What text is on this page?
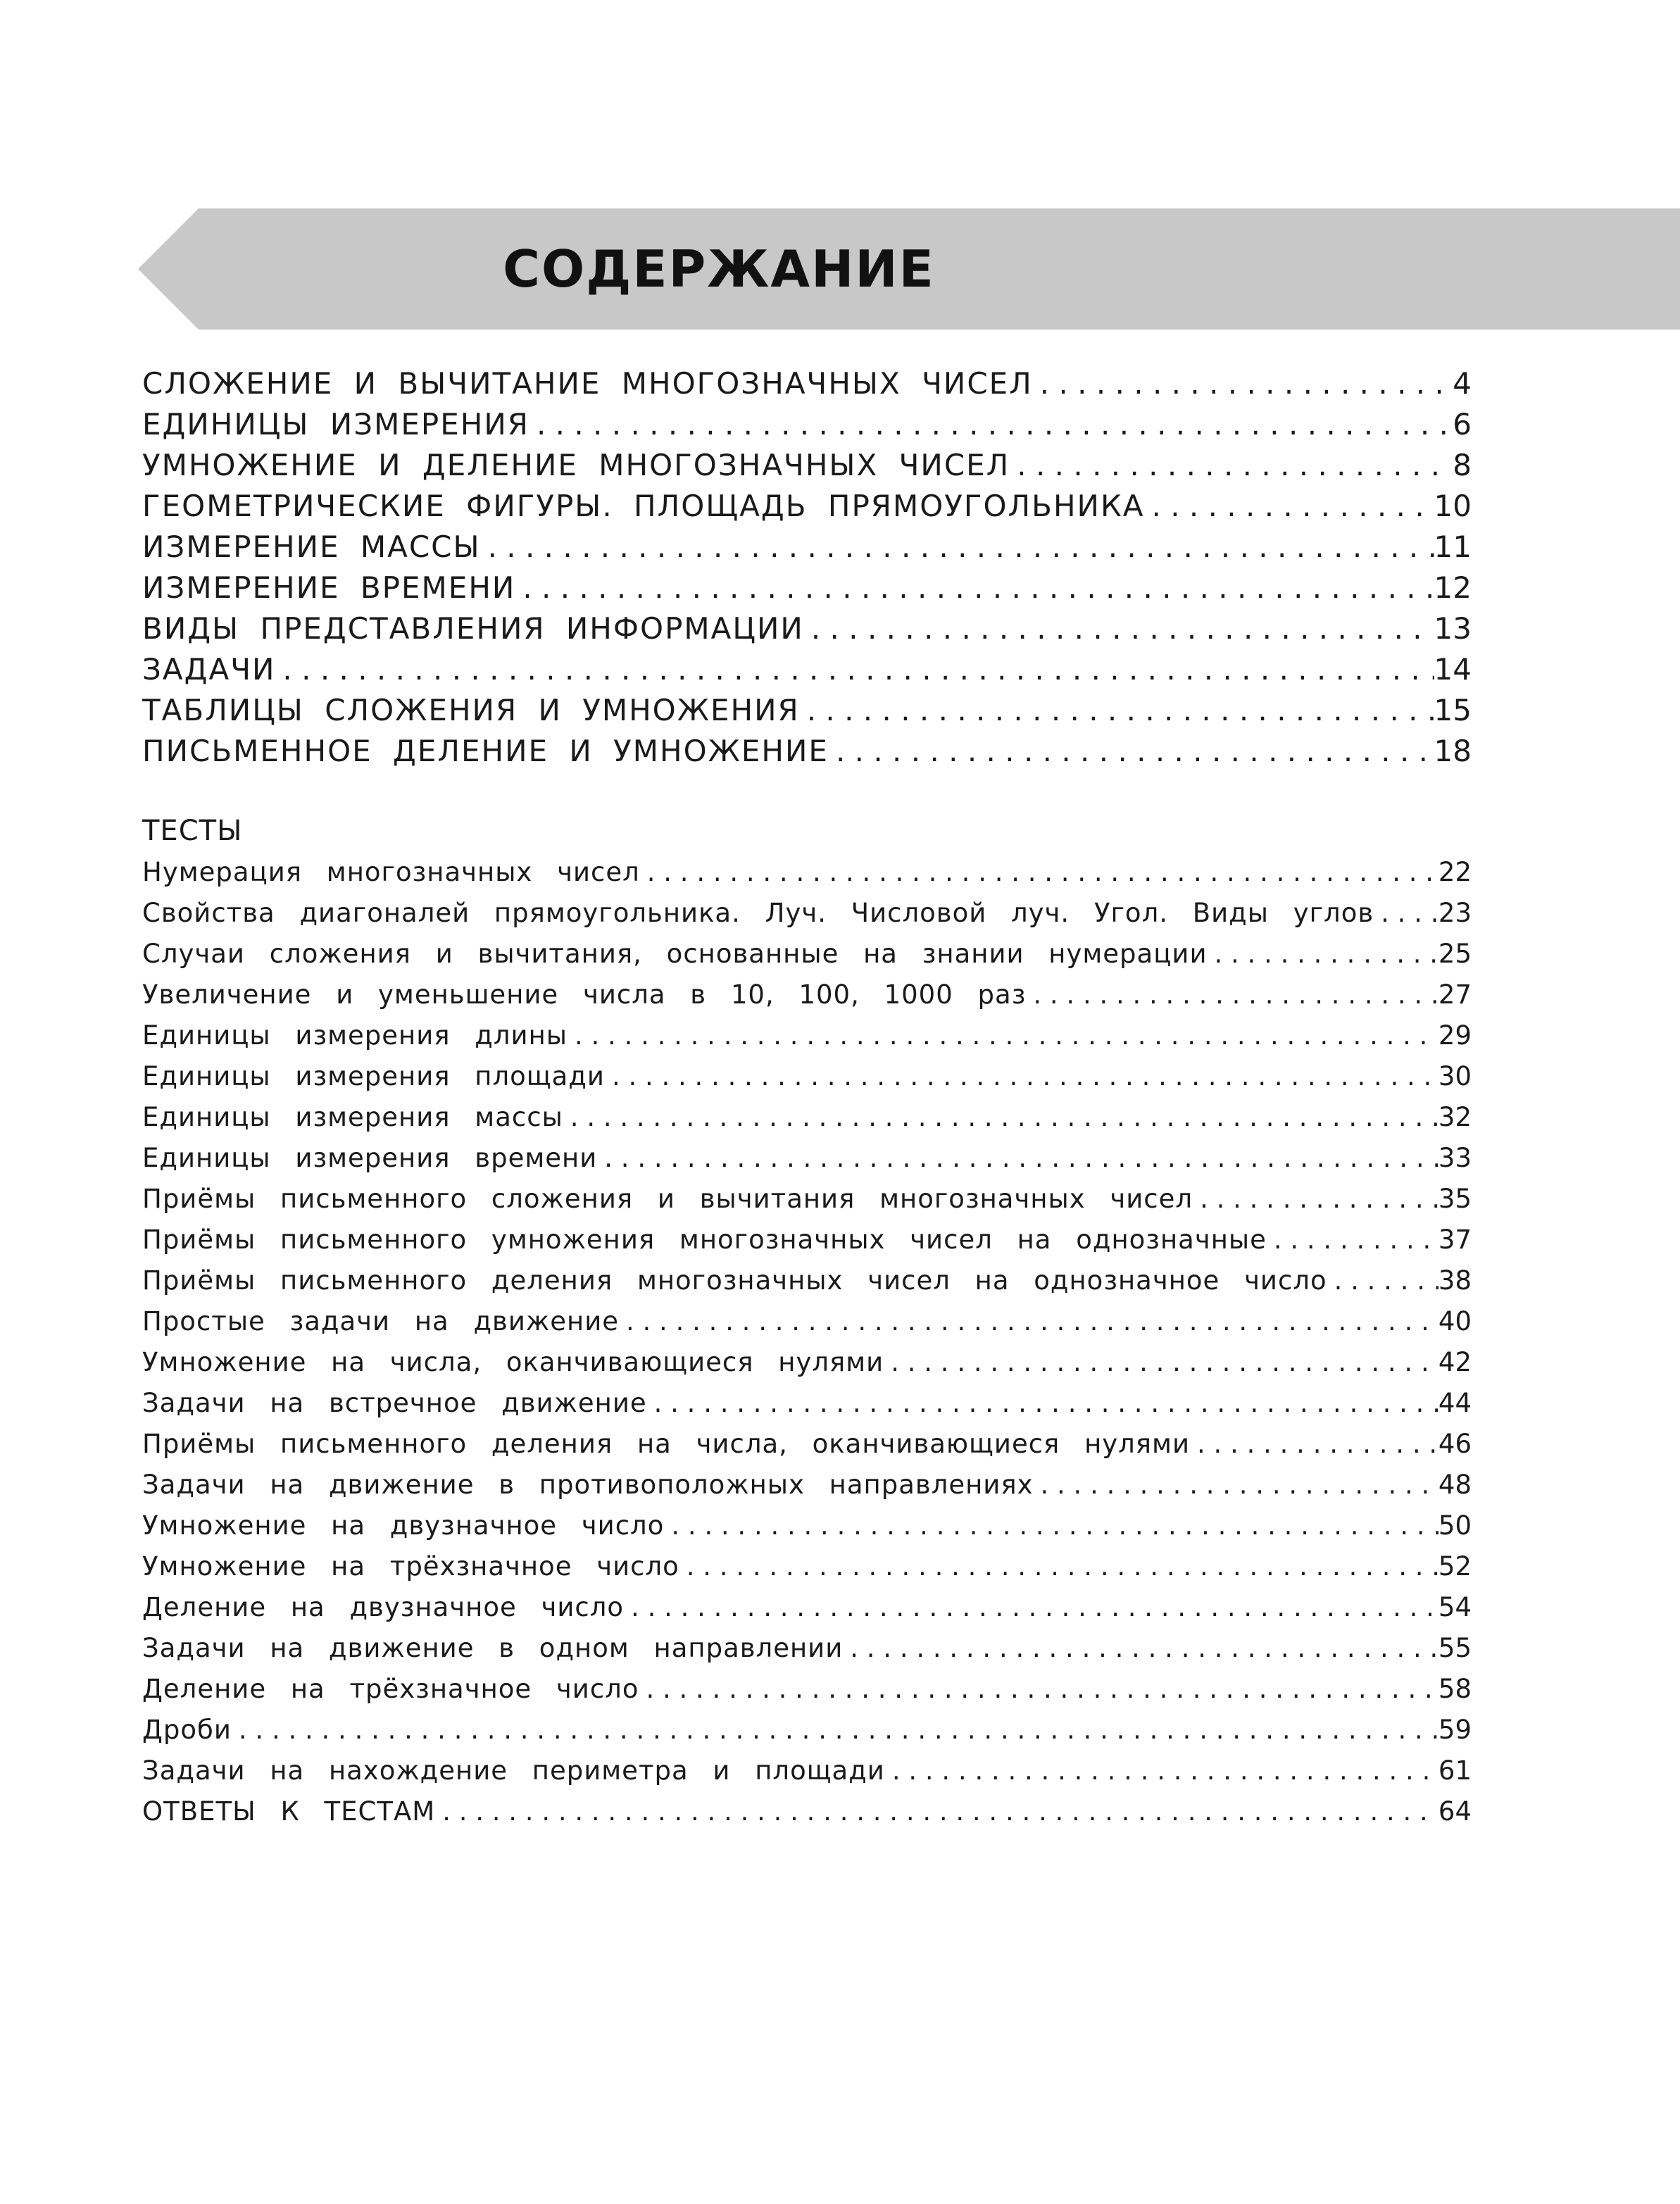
СОДЕРЖАНИЕ
СЛОЖЕНИЕ И ВЫЧИТАНИЕ МНОГОЗНАЧНЫХ ЧИСЕЛ . . .	4
ЕДИНИЦЫ ИЗМЕРЕНИЯ . . .	6
УМНОЖЕНИЕ И ДЕЛЕНИЕ МНОГОЗНАЧНЫХ ЧИСЕЛ . . .	8
ГЕОМЕТРИЧЕСКИЕ ФИГУРЫ. ПЛОЩАДЬ ПРЯМОУГОЛЬНИКА . . .	10
ИЗМЕРЕНИЕ МАССЫ . . .	11
ИЗМЕРЕНИЕ ВРЕМЕНИ . . .	12
ВИДЫ ПРЕДСТАВЛЕНИЯ ИНФОРМАЦИИ . . .	13
ЗАДАЧИ . . .	14
ТАБЛИЦЫ СЛОЖЕНИЯ И УМНОЖЕНИЯ . . .	15
ПИСЬМЕННОЕ ДЕЛЕНИЕ И УМНОЖЕНИЕ . . .	18
ТЕСТЫ
Нумерация многозначных чисел . . .	22
Свойства диагоналей прямоугольника. Луч. Числовой луч. Угол. Виды углов . . . 23
Случаи сложения и вычитания, основанные на знании нумерации . . .	25
Увеличение и уменьшение числа в 10, 100, 1000 раз . . .	27
Единицы измерения длины . . .	29
Единицы измерения площади . . .	30
Единицы измерения массы . . .	32
Единицы измерения времени . . .	33
Приёмы письменного сложения и вычитания многозначных чисел . . .	35
Приёмы письменного умножения многозначных чисел на однозначные . . .	37
Приёмы письменного деления многозначных чисел на однозначное число . . .	38
Простые задачи на движение . . .	40
Умножение на числа, оканчивающиеся нулями . . .	42
Задачи на встречное движение . . .	44
Приёмы письменного деления на числа, оканчивающиеся нулями . . .	46
Задачи на движение в противоположных направлениях . . .	48
Умножение на двузначное число . . .	50
Умножение на трёхзначное число . . .	52
Деление на двузначное число . . .	54
Задачи на движение в одном направлении . . .	55
Деление на трёхзначное число . . .	58
Дроби . . .	59
Задачи на нахождение периметра и площади . . .	61
ОТВЕТЫ К ТЕСТАМ . . .	64
